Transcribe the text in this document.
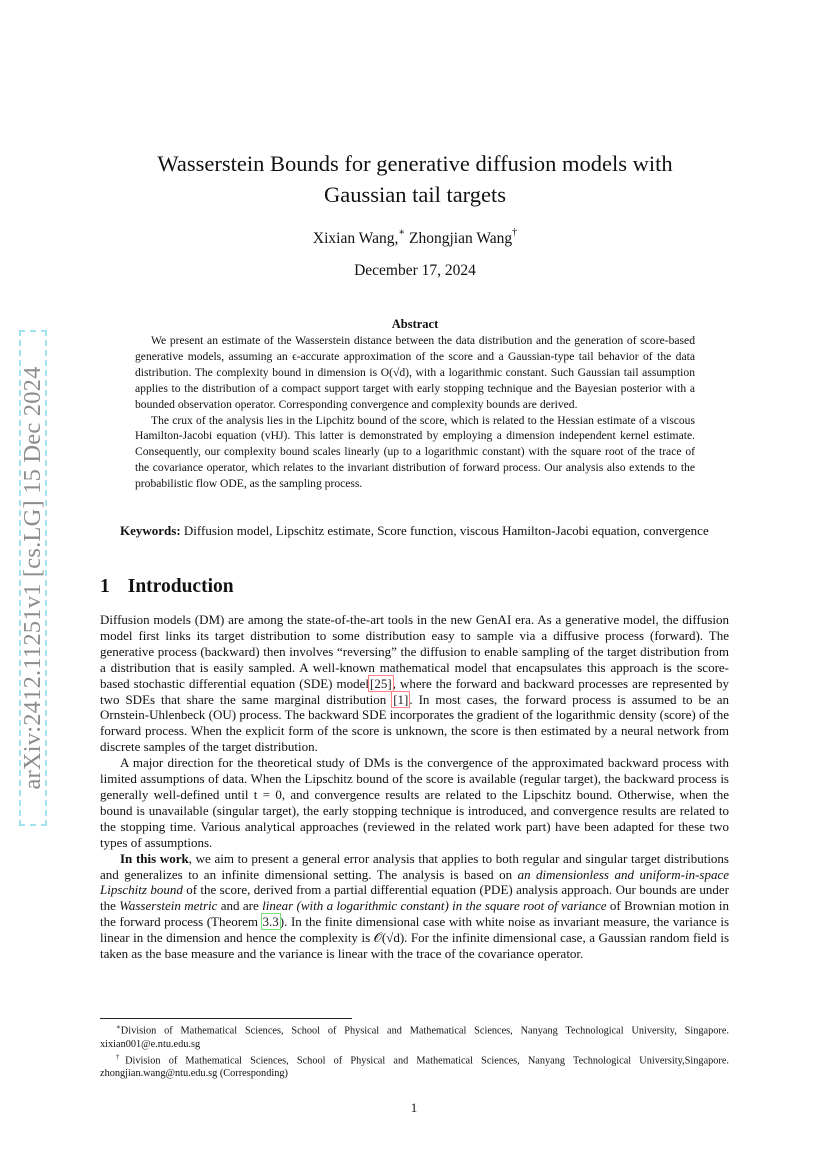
arXiv:2412.11251v1 [cs.LG] 15 Dec 2024
Wasserstein Bounds for generative diffusion models with
Gaussian tail targets
Xixian Wang,∗ Zhongjian Wang†
December 17, 2024
Abstract

We present an estimate of the Wasserstein distance between the data distribution and the generation of score-based generative models, assuming an ϵ-accurate approximation of the score and a Gaussian-type tail behavior of the data distribution. The complexity bound in dimension is O(√d), with a logarithmic constant. Such Gaussian tail assumption applies to the distribution of a compact support target with early stopping technique and the Bayesian posterior with a bounded observation operator. Corresponding convergence and complexity bounds are derived.

The crux of the analysis lies in the Lipchitz bound of the score, which is related to the Hessian estimate of a viscous Hamilton-Jacobi equation (vHJ). This latter is demonstrated by employing a dimension independent kernel estimate. Consequently, our complexity bound scales linearly (up to a logarithmic constant) with the square root of the trace of the covariance operator, which relates to the invariant distribution of forward process. Our analysis also extends to the probabilistic flow ODE, as the sampling process.

Keywords: Diffusion model, Lipschitz estimate, Score function, viscous Hamilton-Jacobi equation, convergence
1 Introduction

Diffusion models (DM) are among the state-of-the-art tools in the new GenAI era. As a generative model, the diffusion model first links its target distribution to some distribution easy to sample via a diffusive process (forward). The generative process (backward) then involves “reversing” the diffusion to enable sampling of the target distribution from a distribution that is easily sampled. A well-known mathematical model that encapsulates this approach is the score-based stochastic differential equation (SDE) model[25], where the forward and backward processes are represented by two SDEs that share the same marginal distribution [1]. In most cases, the forward process is assumed to be an Ornstein-Uhlenbeck (OU) process. The backward SDE incorporates the gradient of the logarithmic density (score) of the forward process. When the explicit form of the score is unknown, the score is then estimated by a neural network from discrete samples of the target distribution.

A major direction for the theoretical study of DMs is the convergence of the approximated backward process with limited assumptions of data. When the Lipschitz bound of the score is available (regular target), the backward process is generally well-defined until t = 0, and convergence results are related to the Lipschitz bound. Otherwise, when the bound is unavailable (singular target), the early stopping technique is introduced, and convergence results are related to the stopping time. Various analytical approaches (reviewed in the related work part) have been adapted for these two types of assumptions.

In this work, we aim to present a general error analysis that applies to both regular and singular target distributions and generalizes to an infinite dimensional setting. The analysis is based on an dimensionless and uniform-in-space Lipschitz bound of the score, derived from a partial differential equation (PDE) analysis approach. Our bounds are under the Wasserstein metric and are linear (with a logarithmic constant) in the square root of variance of Brownian motion in the forward process (Theorem 3.3). In the finite dimensional case with white noise as invariant measure, the variance is linear in the dimension and hence the complexity is 𝒪(√d). For the infinite dimensional case, a Gaussian random field is taken as the base measure and the variance is linear with the trace of the covariance operator.

∗Division of Mathematical Sciences, School of Physical and Mathematical Sciences, Nanyang Technological University, Singapore. xixian001@e.ntu.edu.sg

†Division of Mathematical Sciences, School of Physical and Mathematical Sciences, Nanyang Technological University,Singapore. zhongjian.wang@ntu.edu.sg (Corresponding)

1
